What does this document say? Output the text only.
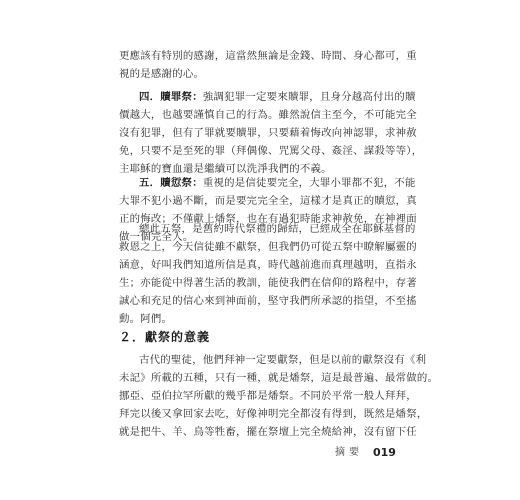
更應該有特別的感謝，這當然無論是金錢、時間、身心都可，重
視的是感謝的心。
四．贖罪祭：強調犯罪一定要來贖罪，且身分越高付出的贖
價越大，也越要謹慎自己的行為。雖然說信主至今，不可能完全
沒有犯罪，但有了罪就要贖罪，只要藉着悔改向神認罪，求神赦
免，只要不是至死的罪（拜偶像、咒罵父母、姦淫、謀殺等等），
主耶穌的寶血還是繼續可以洗淨我們的不義。
五．贖愆祭：重視的是信徒要完全，大罪小罪都不犯，不能
大罪不犯小過不斷，而是要完完全全，這樣才是真正的贖愆，真
正的悔改；不僅獻上燔祭，也在有過犯時能求神赦免，在神裡面
做一個完全人。
總此五祭，是舊約時代祭禮的歸結，已經成全在耶穌基督的
救恩之上，今天信徒雖不獻祭，但我們仍可從五祭中瞭解屬靈的
涵意，好叫我們知道所信是真，時代越前進而真理越明，直指永
生；亦能從中得著生活的教訓，能使我們在信仰的路程中，存著
誠心和充足的信心來到神面前，堅守我們所承認的指望，不至搖
動。阿們。
２．獻祭的意義
古代的聖徒，他們拜神一定要獻祭，但是以前的獻祭沒有《利
未記》所載的五種，只有一種，就是燔祭，這是最普遍、最常做的。
挪亞、亞伯拉罕所獻的幾乎都是燔祭。不同於平常一般人拜拜，
拜完以後又拿回家去吃，好像神明完全都沒有得到，既然是燔祭，
就是把牛、羊、鳥等牲畜，擺在祭壇上完全燒給神，沒有留下任
摘要 019
